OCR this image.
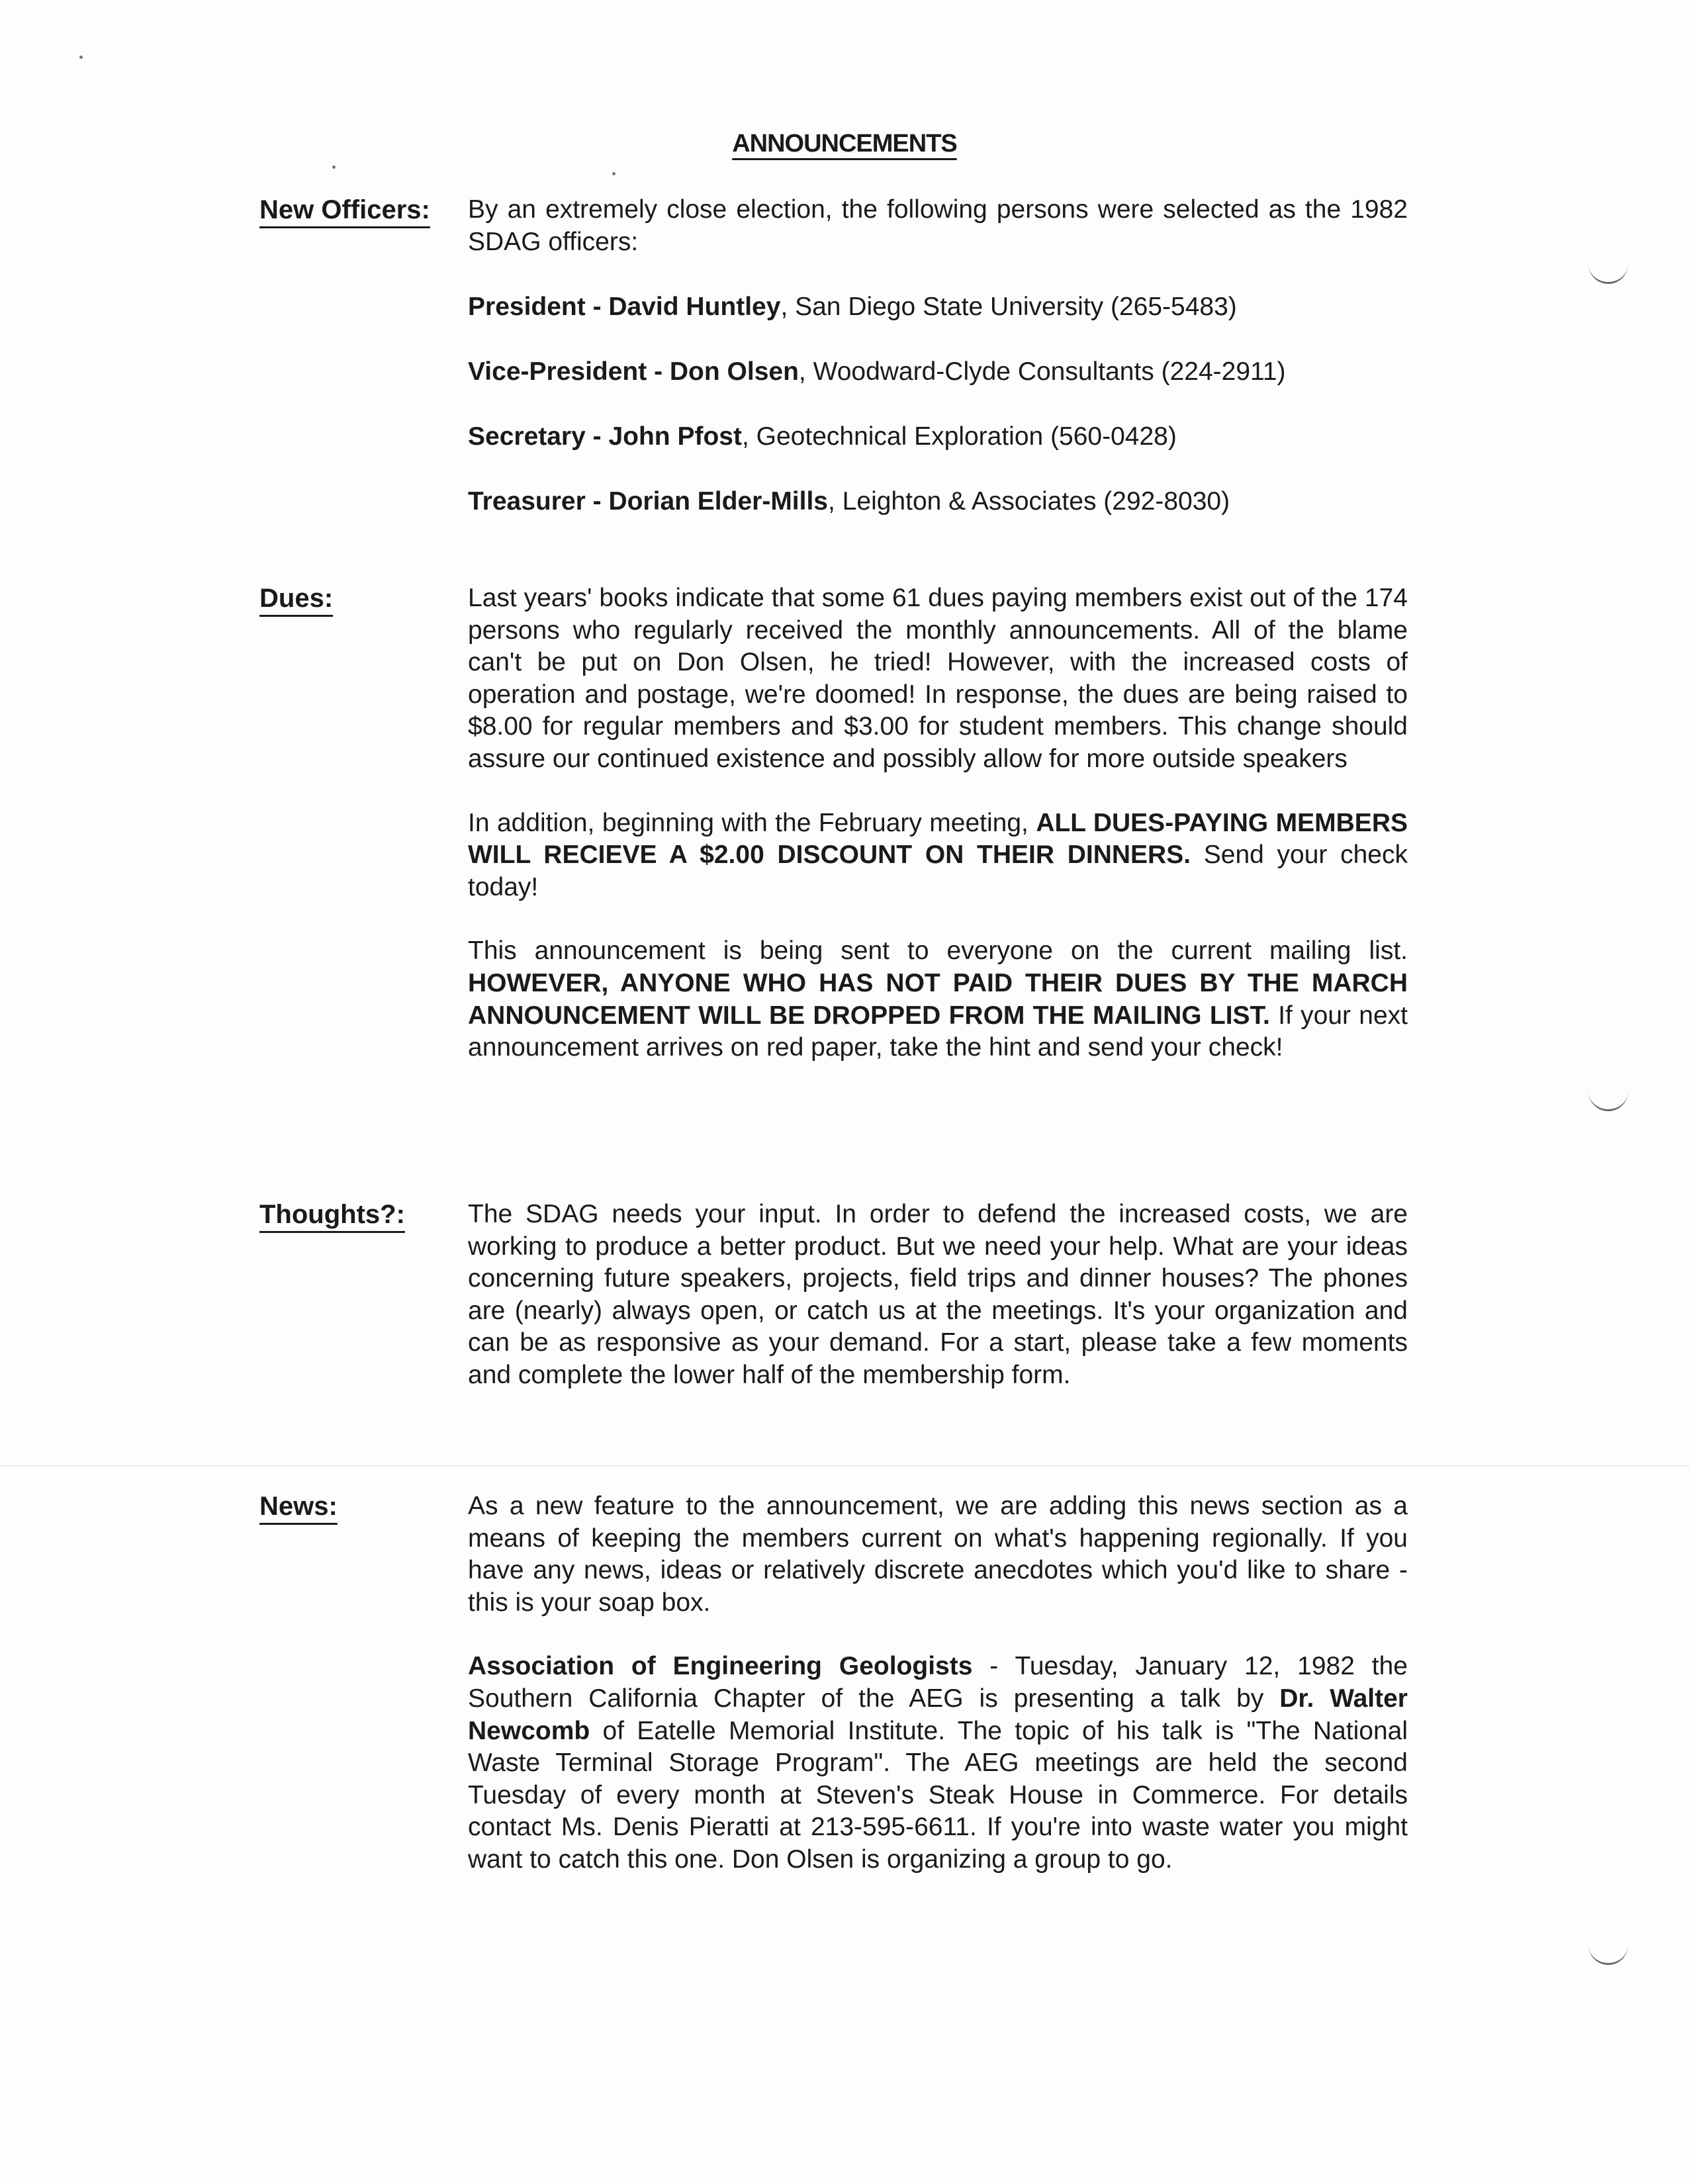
ANNOUNCEMENTS
New Officers:	By an extremely close election, the following persons were selected as the 1982 SDAG officers:

President - David Huntley, San Diego State University (265-5483)
Vice-President - Don Olsen, Woodward-Clyde Consultants (224-2911)
Secretary - John Pfost, Geotechnical Exploration (560-0428)
Treasurer - Dorian Elder-Mills, Leighton & Associates (292-8030)
Dues:	Last years' books indicate that some 61 dues paying members exist out of the 174 persons who regularly received the monthly announcements. All of the blame can't be put on Don Olsen, he tried! However, with the increased costs of operation and postage, we're doomed! In response, the dues are being raised to $8.00 for regular members and $3.00 for student members. This change should assure our continued existence and possibly allow for more outside speakers

In addition, beginning with the February meeting, ALL DUES-PAYING MEMBERS WILL RECIEVE A $2.00 DISCOUNT ON THEIR DINNERS. Send your check today!

This announcement is being sent to everyone on the current mailing list. HOWEVER, ANYONE WHO HAS NOT PAID THEIR DUES BY THE MARCH ANNOUNCEMENT WILL BE DROPPED FROM THE MAILING LIST. If your next announcement arrives on red paper, take the hint and send your check!

Thoughts?:	The SDAG needs your input. In order to defend the increased costs, we are working to produce a better product. But we need your help. What are your ideas concerning future speakers, projects, field trips and dinner houses? The phones are (nearly) always open, or catch us at the meetings. It's your organization and can be as responsive as your demand. For a start, please take a few moments and complete the lower half of the membership form.

News:	As a new feature to the announcement, we are adding this news section as a means of keeping the members current on what's happening regionally. If you have any news, ideas or relatively discrete anecdotes which you'd like to share - this is your soap box.

Association of Engineering Geologists - Tuesday, January 12, 1982 the Southern California Chapter of the AEG is presenting a talk by Dr. Walter Newcomb of Eatelle Memorial Institute. The topic of his talk is "The National Waste Terminal Storage Program". The AEG meetings are held the second Tuesday of every month at Steven's Steak House in Commerce. For details contact Ms. Denis Pieratti at 213-595-6611. If you're into waste water you might want to catch this one. Don Olsen is organizing a group to go.
